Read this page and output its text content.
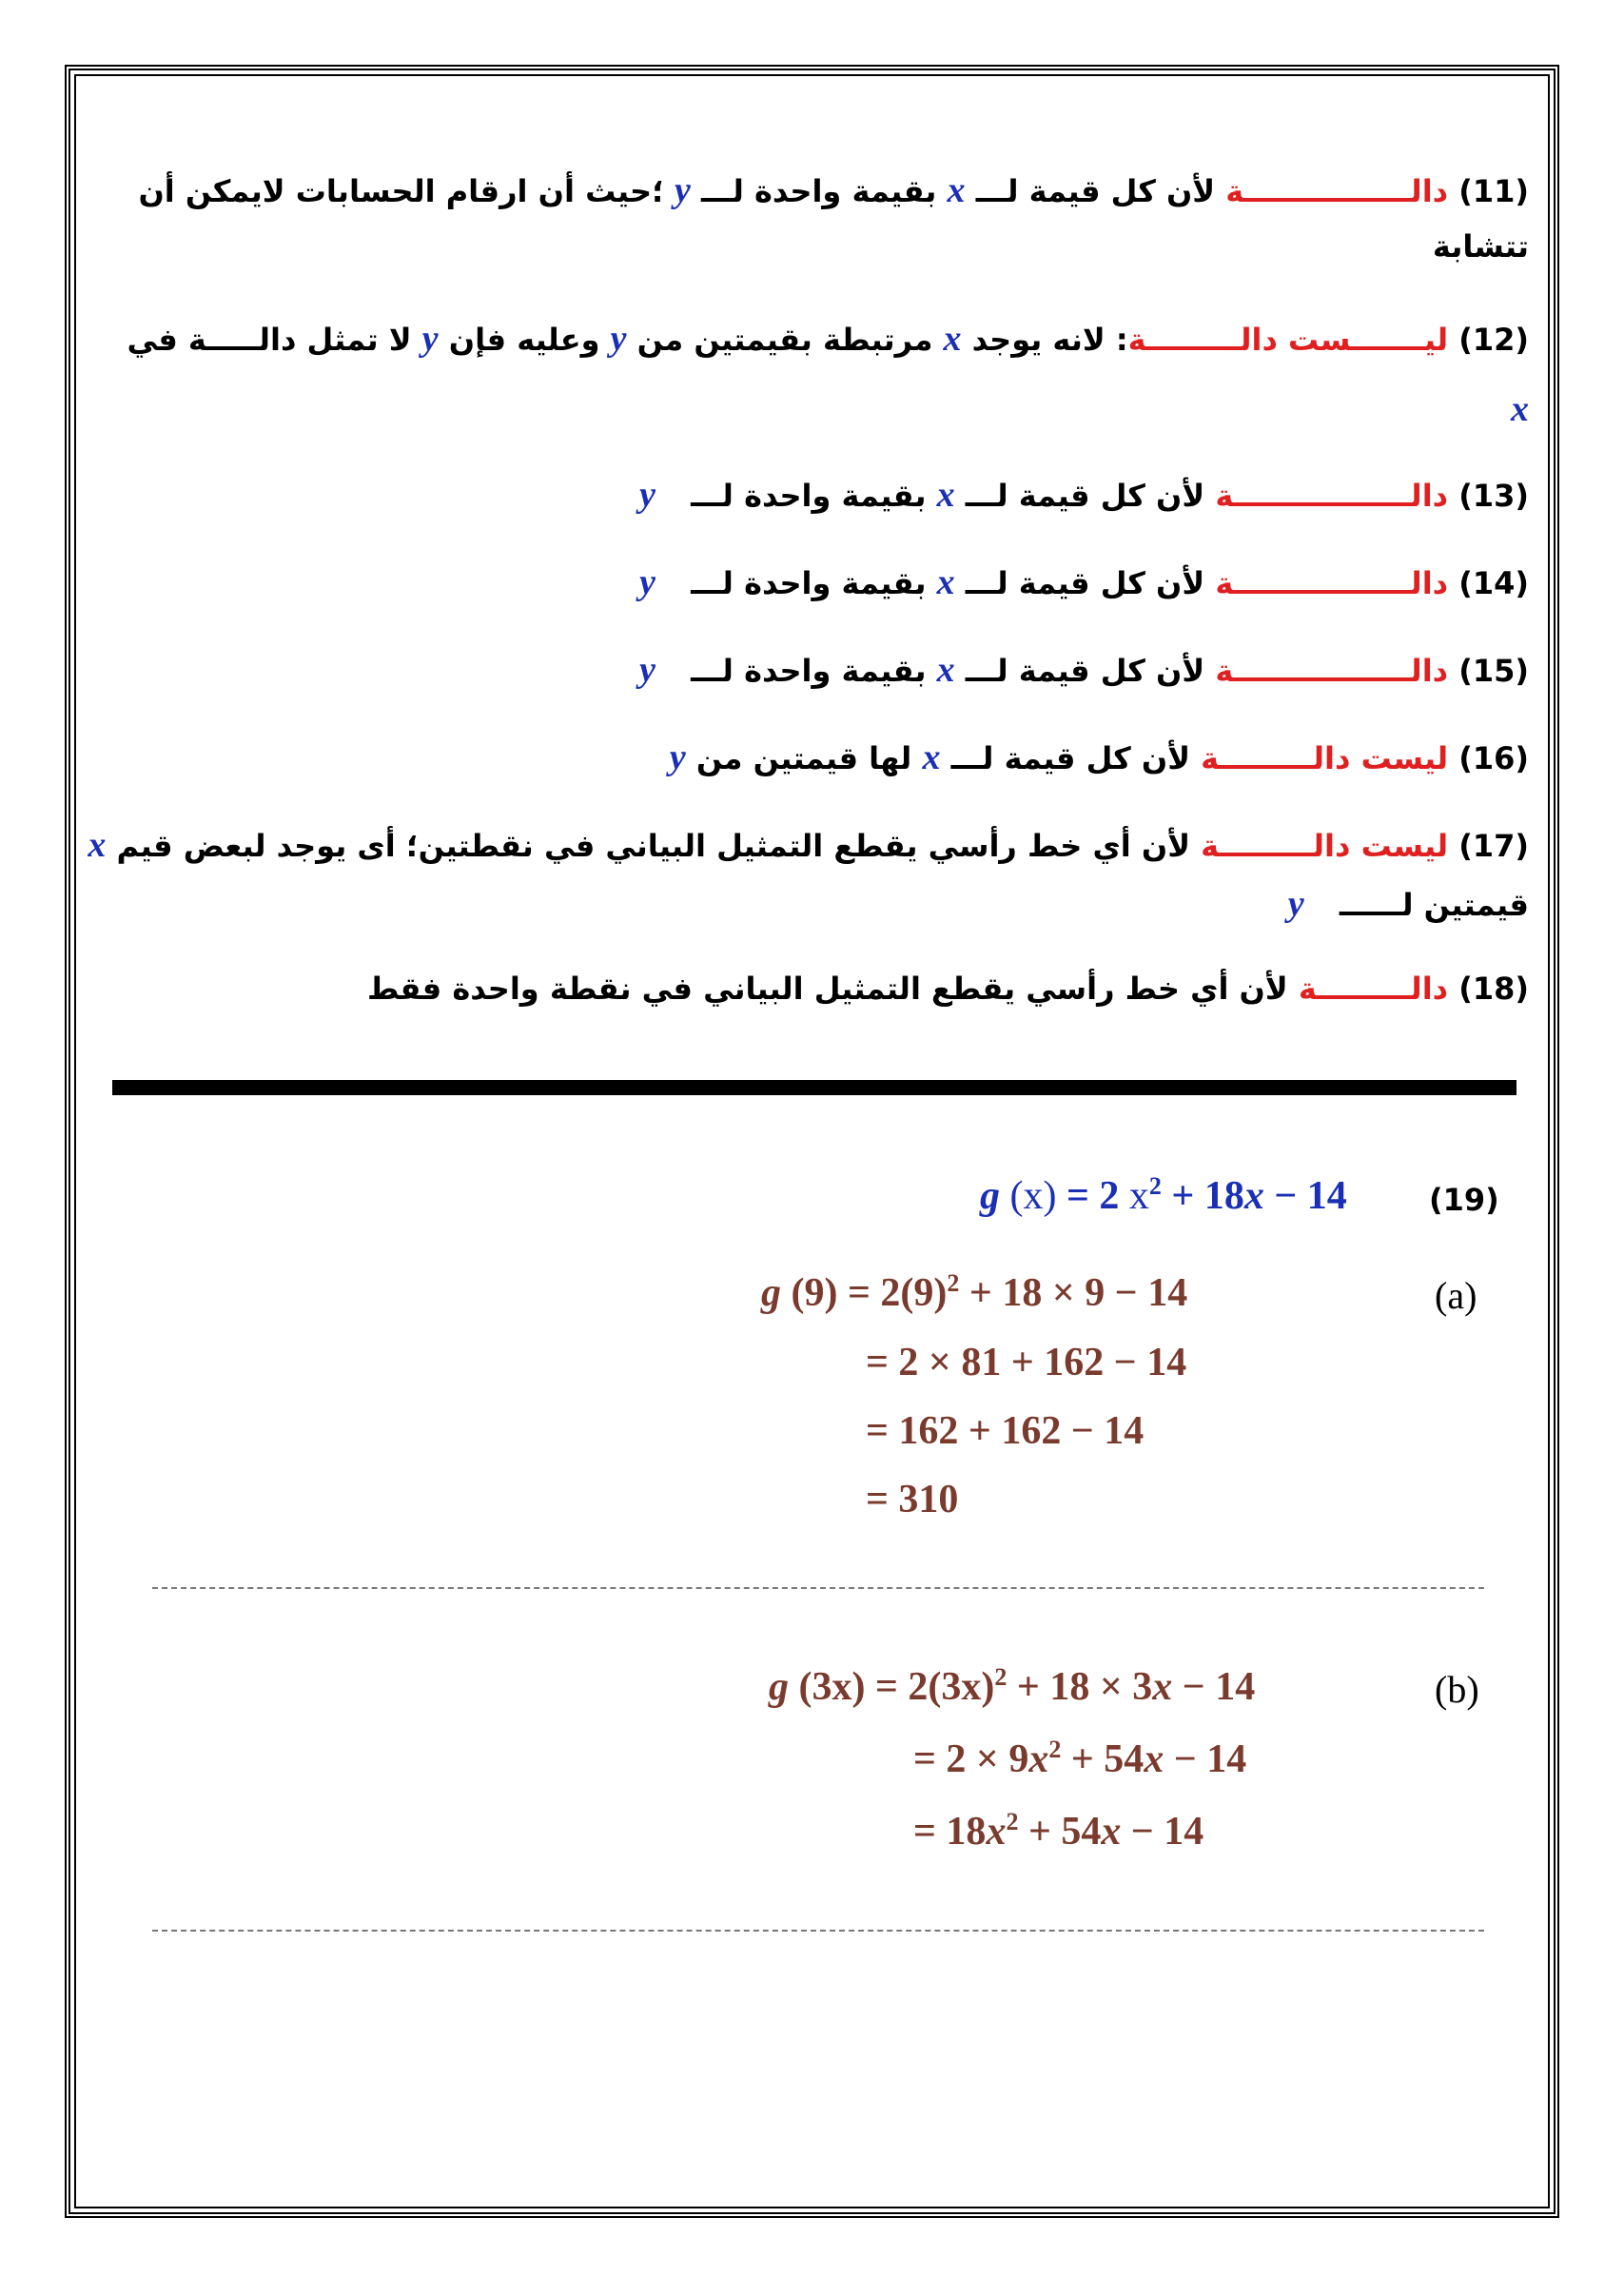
(11) دالــــــــــــــــة لأن كل قيمة لـــ x بقيمة واحدة لـــ y ؛حيث أن ارقام الحسابات لايمكن أن
تتشابة
(12) ليـــــــست دالـــــــــة: لانه يوجد x مرتبطة بقيمتين من y وعليه فإن y لا تمثل دالـــــة في
x
(13) دالـــــــــــــــــة لأن كل قيمة لـــ x بقيمة واحدة لـــ y
(14) دالـــــــــــــــــة لأن كل قيمة لـــ x بقيمة واحدة لـــ y
(15) دالـــــــــــــــــة لأن كل قيمة لـــ x بقيمة واحدة لـــ y
(16) ليست دالـــــــــة لأن كل قيمة لـــ x لها قيمتين من y
(17) ليست دالـــــــــة لأن أي خط رأسي يقطع التمثيل البياني في نقطتين؛ أى يوجد لبعض قيم x
قيمتين لــــــ y
(18) دالـــــــــة لأن أي خط رأسي يقطع التمثيل البياني في نقطة واحدة فقط
(19)
g (x) = 2 $x^2 + 18x - 14$
(a)
g $(9) = 2(9)^2 + 18 \times 9 - 14$
= 2 × 81 + 162 − 14
= 162 + 162 − 14
= 310
(b)
g $(3x) = 2(3x)^2 + 18 \times 3x - 14$
= $2 \times 9x^2 + 54x - 14$
= $18x^2 + 54x - 14$
